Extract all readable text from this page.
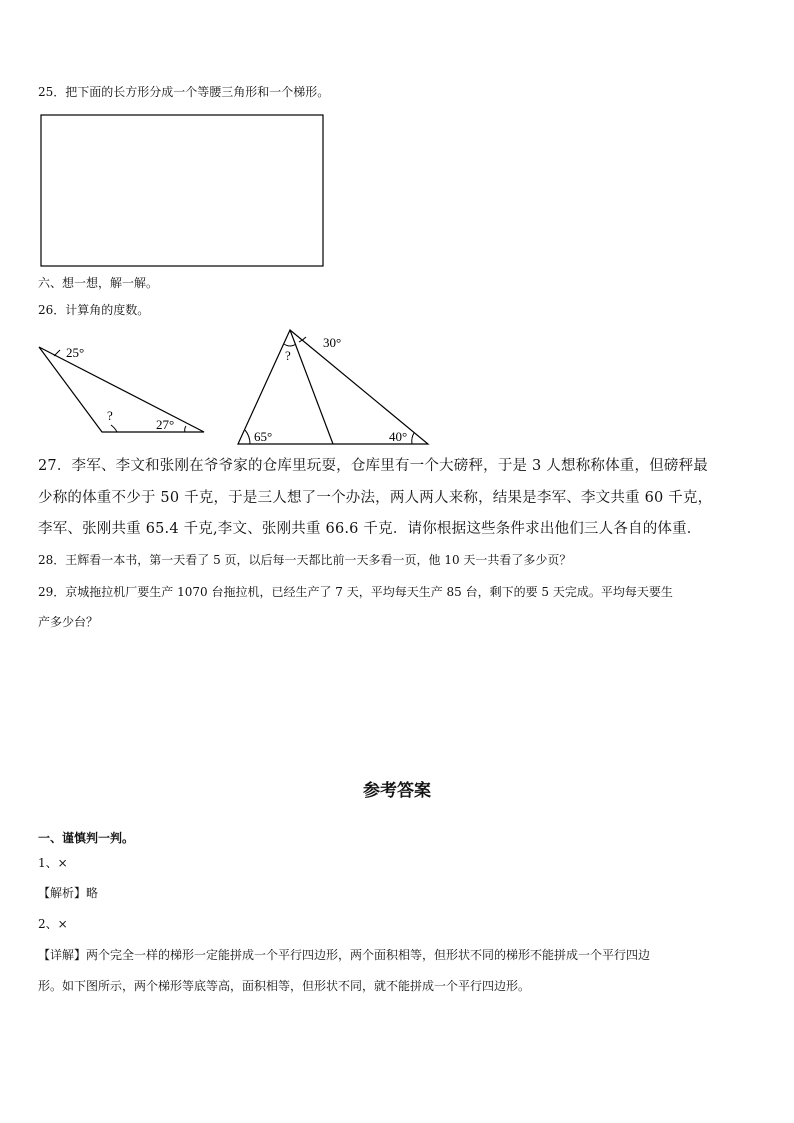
25．把下面的长方形分成一个等腰三角形和一个梯形。
25°
?
27°
30°
?
65°	40°
六、想一想，解一解。
26．计算角的度数。
27．李军、李文和张刚在爷爷家的仓库里玩耍，仓库里有一个大磅秤，于是 3 人想称称体重，但磅秤最
少称的体重不少于 50 千克，于是三人想了一个办法，两人两人来称，结果是李军、李文共重 60 千克，
李军、张刚共重 65.4 千克,李文、张刚共重 66.6 千克．请你根据这些条件求出他们三人各自的体重．
28．王辉看一本书，第一天看了 5 页，以后每一天都比前一天多看一页，他 10 天一共看了多少页？
29．京城拖拉机厂要生产 1070 台拖拉机，已经生产了 7 天，平均每天生产 85 台，剩下的要 5 天完成。平均每天要生
产多少台？
参考答案
一、谨慎判一判。
1、×
【解析】略
2、×
【详解】两个完全一样的梯形一定能拼成一个平行四边形，两个面积相等，但形状不同的梯形不能拼成一个平行四边
形。如下图所示，两个梯形等底等高，面积相等，但形状不同，就不能拼成一个平行四边形。
